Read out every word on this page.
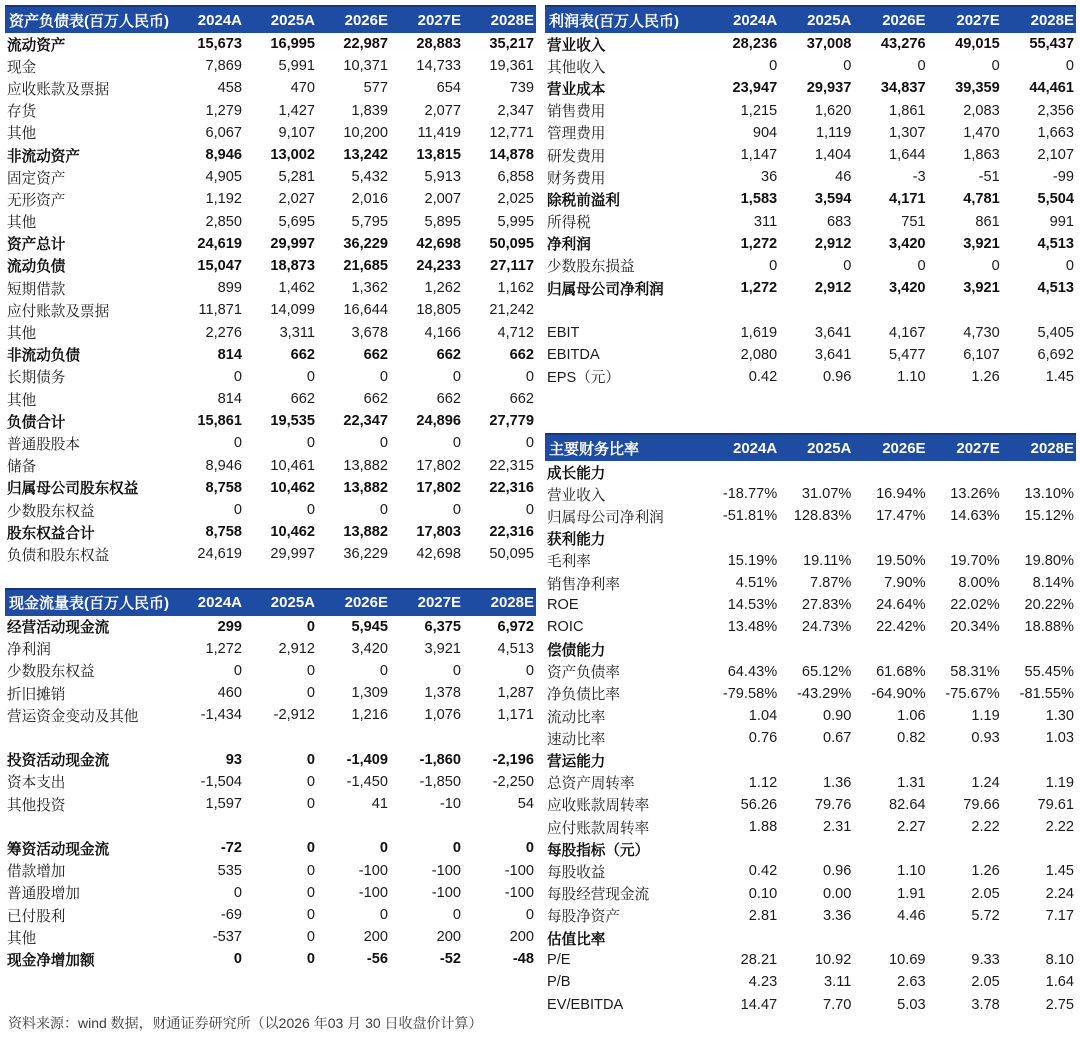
资产负债表(百万人民币)	2024A	2025A	2026E	2027E	2028E
流动资产	15,673	16,995	22,987	28,883	35,217
现金	7,869	5,991	10,371	14,733	19,361
应收账款及票据	458	470	577	654	739
存货	1,279	1,427	1,839	2,077	2,347
其他	6,067	9,107	10,200	11,419	12,771
非流动资产	8,946	13,002	13,242	13,815	14,878
固定资产	4,905	5,281	5,432	5,913	6,858
无形资产	1,192	2,027	2,016	2,007	2,025
其他	2,850	5,695	5,795	5,895	5,995
资产总计	24,619	29,997	36,229	42,698	50,095
流动负债	15,047	18,873	21,685	24,233	27,117
短期借款	899	1,462	1,362	1,262	1,162
应付账款及票据	11,871	14,099	16,644	18,805	21,242
其他	2,276	3,311	3,678	4,166	4,712
非流动负债	814	662	662	662	662
长期债务	0	0	0	0	0
其他	814	662	662	662	662
负债合计	15,861	19,535	22,347	24,896	27,779
普通股股本	0	0	0	0	0
储备	8,946	10,461	13,882	17,802	22,315
归属母公司股东权益	8,758	10,462	13,882	17,802	22,316
少数股东权益	0	0	0	0	0
股东权益合计	8,758	10,462	13,882	17,803	22,316
负债和股东权益	24,619	29,997	36,229	42,698	50,095
现金流量表(百万人民币)	2024A	2025A	2026E	2027E	2028E
经营活动现金流	299	0	5,945	6,375	6,972
净利润	1,272	2,912	3,420	3,921	4,513
少数股东权益	0	0	0	0	0
折旧摊销	460	0	1,309	1,378	1,287
营运资金变动及其他	-1,434	-2,912	1,216	1,076	1,171

投资活动现金流	93	0	-1,409	-1,860	-2,196
资本支出	-1,504	0	-1,450	-1,850	-2,250
其他投资	1,597	0	41	-10	54

筹资活动现金流	-72	0	0	0	0
借款增加	535	0	-100	-100	-100
普通股增加	0	0	-100	-100	-100
已付股利	-69	0	0	0	0
其他	-537	0	200	200	200
现金净增加额	0	0	-56	-52	-48
利润表(百万人民币)	2024A	2025A	2026E	2027E	2028E
营业收入	28,236	37,008	43,276	49,015	55,437
其他收入	0	0	0	0	0
营业成本	23,947	29,937	34,837	39,359	44,461
销售费用	1,215	1,620	1,861	2,083	2,356
管理费用	904	1,119	1,307	1,470	1,663
研发费用	1,147	1,404	1,644	1,863	2,107
财务费用	36	46	-3	-51	-99
除税前溢利	1,583	3,594	4,171	4,781	5,504
所得税	311	683	751	861	991
净利润	1,272	2,912	3,420	3,921	4,513
少数股东损益	0	0	0	0	0
归属母公司净利润	1,272	2,912	3,420	3,921	4,513

EBIT	1,619	3,641	4,167	4,730	5,405
EBITDA	2,080	3,641	5,477	6,107	6,692
EPS（元）	0.42	0.96	1.10	1.26	1.45
主要财务比率	2024A	2025A	2026E	2027E	2028E
成长能力					
营业收入	-18.77%	31.07%	16.94%	13.26%	13.10%
归属母公司净利润	-51.81%	128.83%	17.47%	14.63%	15.12%
获利能力					
毛利率	15.19%	19.11%	19.50%	19.70%	19.80%
销售净利率	4.51%	7.87%	7.90%	8.00%	8.14%
ROE	14.53%	27.83%	24.64%	22.02%	20.22%
ROIC	13.48%	24.73%	22.42%	20.34%	18.88%
偿债能力					
资产负债率	64.43%	65.12%	61.68%	58.31%	55.45%
净负债比率	-79.58%	-43.29%	-64.90%	-75.67%	-81.55%
流动比率	1.04	0.90	1.06	1.19	1.30
速动比率	0.76	0.67	0.82	0.93	1.03
营运能力					
总资产周转率	1.12	1.36	1.31	1.24	1.19
应收账款周转率	56.26	79.76	82.64	79.66	79.61
应付账款周转率	1.88	2.31	2.27	2.22	2.22
每股指标（元）					
每股收益	0.42	0.96	1.10	1.26	1.45
每股经营现金流	0.10	0.00	1.91	2.05	2.24
每股净资产	2.81	3.36	4.46	5.72	7.17
估值比率					
P/E	28.21	10.92	10.69	9.33	8.10
P/B	4.23	3.11	2.63	2.05	1.64
EV/EBITDA	14.47	7.70	5.03	3.78	2.75
资料来源：wind 数据，财通证券研究所（以2026 年03 月 30 日收盘价计算）
